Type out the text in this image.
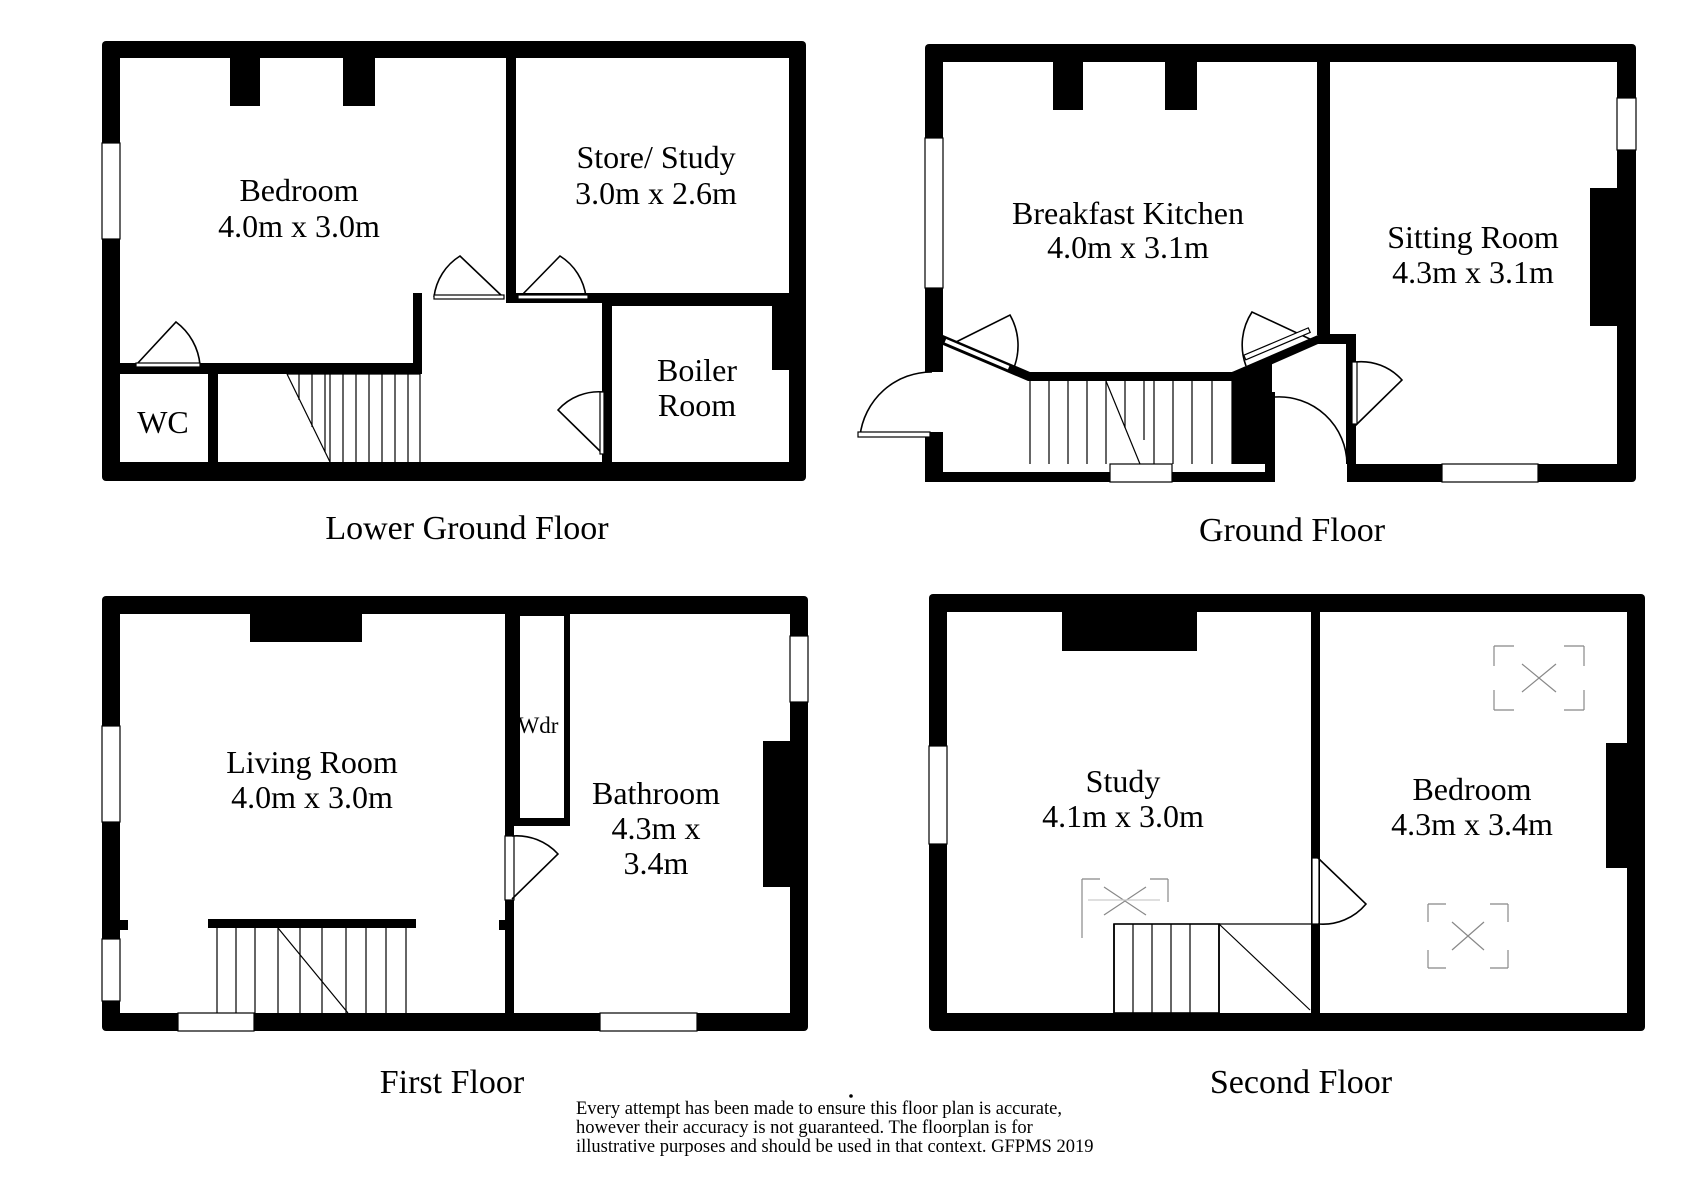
Bedroom
4.0m x 3.0m
Store/ Study
3.0m x 2.6m
Boiler
Room
WC
Lower Ground Floor
Breakfast Kitchen
4.0m x 3.1m	Sitting Room
4.3m x 3.1m
Ground Floor
Living Room
4.0m x 3.0m
Wdr
Bathroom
4.3m x
3.4m
First Floor
Study
4.1m x 3.0m
Bedroom
4.3m x 3.4m
Second Floor
Every attempt has been made to ensure this floor plan is accurate,
however their accuracy is not guaranteed. The floorplan is for
illustrative purposes and should be used in that context. GFPMS 2019
